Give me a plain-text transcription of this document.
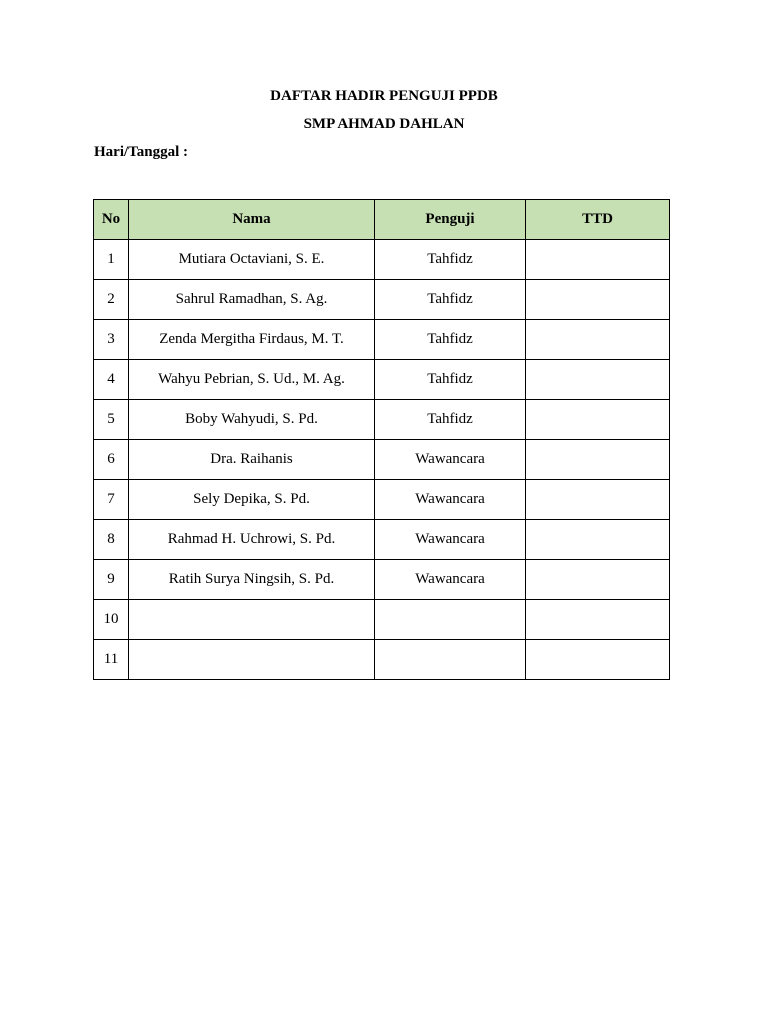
DAFTAR HADIR PENGUJI PPDB
SMP AHMAD DAHLAN
Hari/Tanggal :
No	Nama	Penguji	TTD
1	Mutiara Octaviani, S. E.	Tahfidz	
2	Sahrul Ramadhan, S. Ag.	Tahfidz	
3	Zenda Mergitha Firdaus, M. T.	Tahfidz	
4	Wahyu Pebrian, S. Ud., M. Ag.	Tahfidz	
5	Boby Wahyudi, S. Pd.	Tahfidz	
6	Dra. Raihanis	Wawancara	
7	Sely Depika, S. Pd.	Wawancara	
8	Rahmad H. Uchrowi, S. Pd.	Wawancara	
9	Ratih Surya Ningsih, S. Pd.	Wawancara	
10			
11			
